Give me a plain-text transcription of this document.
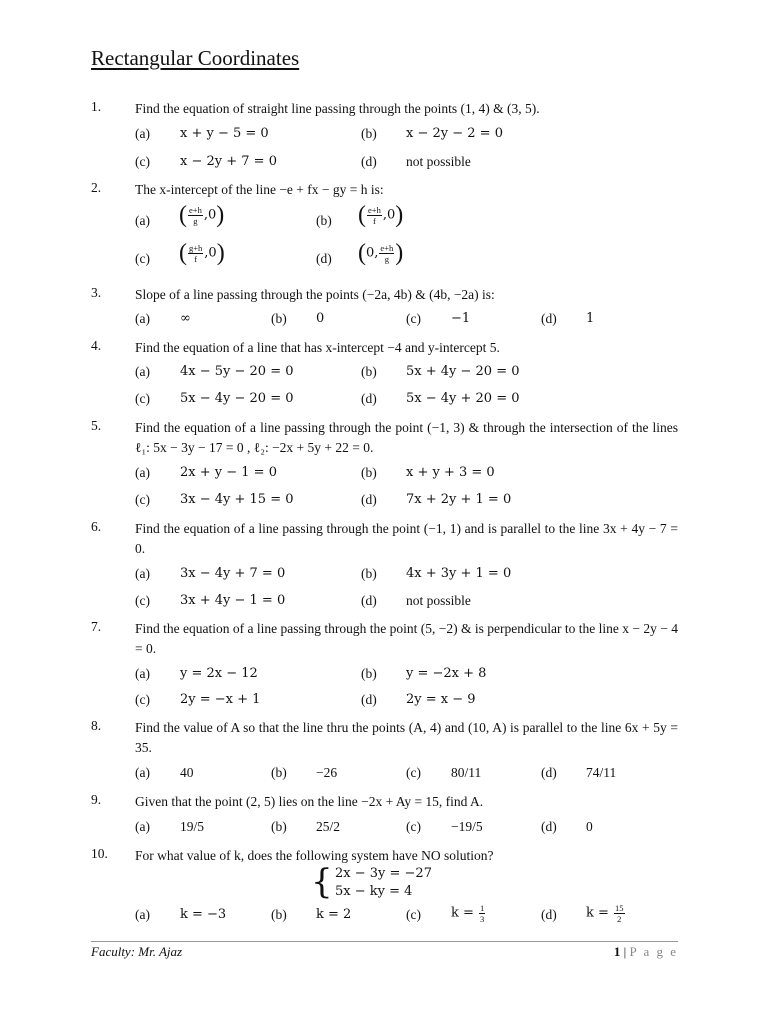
Rectangular Coordinates
1.	Find the equation of straight line passing through the points (1, 4) & (3, 5).
(a) x + y − 5 = 0	(b) x − 2y − 2 = 0
(c) x − 2y + 7 = 0	(d) not possible
2.	The x-intercept of the line −e + fx − gy = h is:
(a) ( $\frac{e+h}{g} ,0$)	(b) ( $\frac{e+h}{f} ,0$)
(c) ( $\frac{g+h}{f} ,0$)	(d) (0, $\frac{e+h}{g}$ )
3.	Slope of a line passing through the points (−2a, 4b) & (4b, −2a) is:
(a) ∞	(b) 0	(c) −1	(d) 1
4.	Find the equation of a line that has x-intercept −4 and y-intercept 5.
(a) 4x − 5y − 20 = 0	(b) 5x + 4y − 20 = 0
(c) 5x − 4y − 20 = 0	(d) 5x − 4y + 20 = 0
5.	Find the equation of a line passing through the point (−1, 3) & through the intersection of the lines ℓ₁: 5x − 3y − 17 = 0 , ℓ₂: −2x + 5y + 22 = 0.
(a) 2x + y − 1 = 0	(b) x + y + 3 = 0
(c) 3x − 4y + 15 = 0	(d) 7x + 2y + 1 = 0
6.	Find the equation of a line passing through the point (−1, 1) and is parallel to the line 3x + 4y − 7 = 0.
(a) 3x − 4y + 7 = 0	(b) 4x + 3y + 1 = 0
(c) 3x + 4y − 1 = 0	(d) not possible
7.	Find the equation of a line passing through the point (5, −2) & is perpendicular to the line x − 2y − 4 = 0.
(a) y = 2x − 12	(b) y = −2x + 8
(c) 2y = −x + 1	(d) 2y = x − 9
8.	Find the value of A so that the line thru the points (A, 4) and (10, A) is parallel to the line 6x + 5y = 35.
(a) 40	(b) −26	(c) 80/11	(d) 74/11
9.	Given that the point (2, 5) lies on the line −2x + Ay = 15, find A.
(a) 19/5	(b) 25/2	(c) −19/5	(d) 0
10. For what value of k, does the following system have NO solution?
{ 2x − 3y = −27
5x − ky = 4
(a) k = −3	(b) k = 2	(c) $k = \frac{1}{3}$	(d) $k = \frac{15}{2}$
Faculty: Mr. Ajaz	1 | P a g e
